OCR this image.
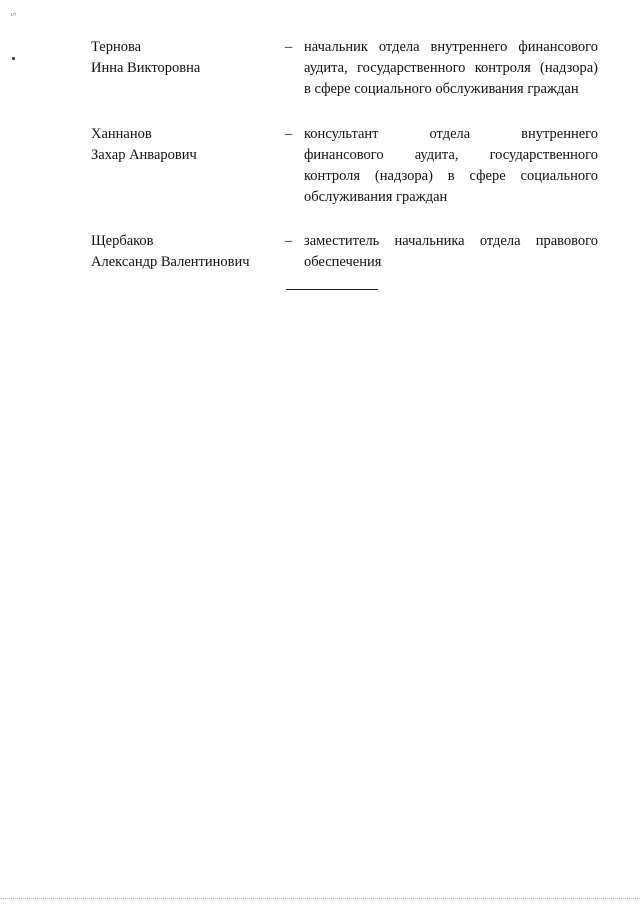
5
Тернова
Инна Викторовна
– начальник отдела внутреннего финансового
аудита, государственного контроля (надзора)
в сфере социального обслуживания граждан
Ханнанов
Захар Анварович
– консультант отдела внутреннего
финансового аудита, государственного
контроля (надзора) в сфере социального
обслуживания граждан
Щербаков
Александр Валентинович
– заместитель начальника отдела правового
обеспечения
